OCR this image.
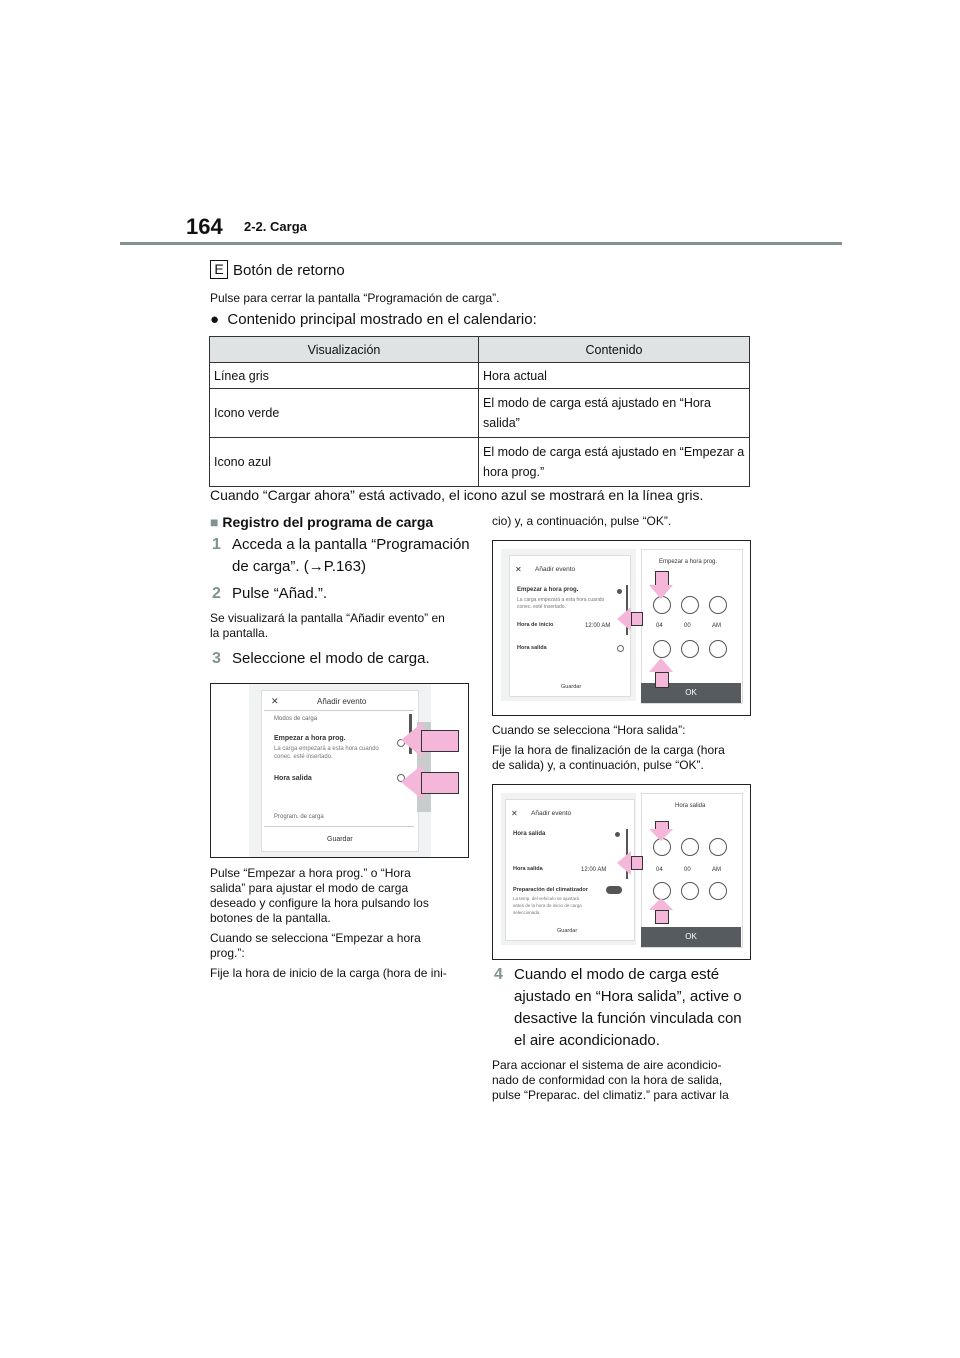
164 2-2. Carga
E Botón de retorno
Pulse para cerrar la pantalla “Programación de carga”.
● Contenido principal mostrado en el calendario:
Visualización	Contenido
Línea gris	Hora actual
Icono verde	El modo de carga está ajustado en “Hora salida”
Icono azul	El modo de carga está ajustado en “Empezar a hora prog.”
Cuando “Cargar ahora” está activado, el icono azul se mostrará en la línea gris.
■ Registro del programa de carga
1 Acceda a la pantalla “Programación
de carga”. (→P.163)
2 Pulse “Añad.”.
Se visualizará la pantalla “Añadir evento” en
la pantalla.
3 Seleccione el modo de carga.
✕	Añadir evento
Modos de carga
Empezar a hora prog.
La carga empezará a esta hora cuando
conec. esté insertado.
Hora salida
Program. de carga
Guardar
Pulse “Empezar a hora prog.” o “Hora
salida” para ajustar el modo de carga
deseado y configure la hora pulsando los
botones de la pantalla.
Cuando se selecciona “Empezar a hora
prog.”:
Fije la hora de inicio de la carga (hora de ini-
cio) y, a continuación, pulse “OK”.
✕ Añadir evento
Empezar a hora prog.
La carga empezará a esta hora cuando
conec. esté insertado.
Hora de inicio	12:00 AM
Hora salida
Guardar
Empezar a hora prog.
04	00	AM
OK
Cuando se selecciona “Hora salida”:
Fije la hora de finalización de la carga (hora
de salida) y, a continuación, pulse “OK”.
✕ Añadir evento
Hora salida
Hora salida	12:00 AM
Preparación del climatizador
La temp. del vehículo se ajustará
antes de la hora de inicio de carga
seleccionada.
Guardar
Hora salida
04	00	AM
OK
4 Cuando el modo de carga esté
ajustado en “Hora salida”, active o
desactive la función vinculada con
el aire acondicionado.
Para accionar el sistema de aire acondicio-
nado de conformidad con la hora de salida,
pulse “Preparac. del climatiz.” para activar la
